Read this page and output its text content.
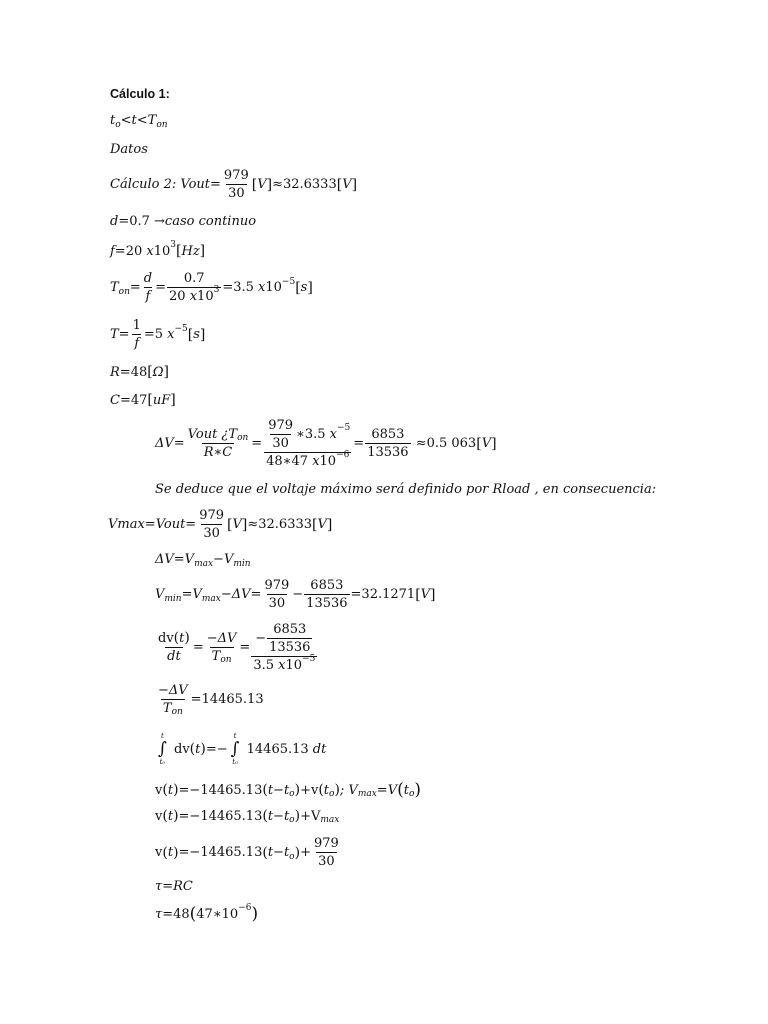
Cálculo 1:
t o <t<T on
Datos
Cálculo 2: Vout= $\frac{979}{30}$ [ V ] ≈32.6333 [ V ]
d= 0.7 →caso continuo
f= 20 x 10 3 [ Hz ]
T on = $\frac{d}{f} = \frac{0.7}{20 x 10 3} =3.5$ x 10 −5 [ s ]
$T= \frac{1}{f} =5$ x −5 [ s ]
R= 48 [ Ω ]
C= 47 [ uF ]
$\Delta V= \frac{\text{Vout ¿T on}}{R∗C} = \frac{\frac{979}{30} ∗3.5 x -5}{48∗47 x 10 -6} = \frac{6853}{13536} \approx 0.5$ 063 [ V ]
Se deduce que el voltaje máximo será definido por Rload , en consecuencia:
Vmax=Vout= $\frac{979}{30}$ [ V ] ≈32.6333 [ V ]
ΔV=V max −V min
V min =V $\max -\Delta V= \frac{979}{30} - \frac{6853}{13536} =32.1271$ [ V ]
$\frac{dv ( t )}{dt} = \frac{-\Delta V}{\text{T on}} = \frac{- \frac{6853}{13536}}{3.5 x 10 -5}$
$\frac{-\Delta V}{\text{T on}} =14465.13$
t
∫
t₀
dv ( t ) =−
t
∫
t₀
14465.13 dt
v ( t ) =−14465.13 ( t−t o ) +v ( t o ) ; V max =V ( t o )
v ( t ) =−14465.13 ( t−t o ) +V max
v ( t ) =−14465.13 ( t−t o ) + $\frac{979}{30}$
τ=RC
τ= 48 ( 47∗10 −6 )
